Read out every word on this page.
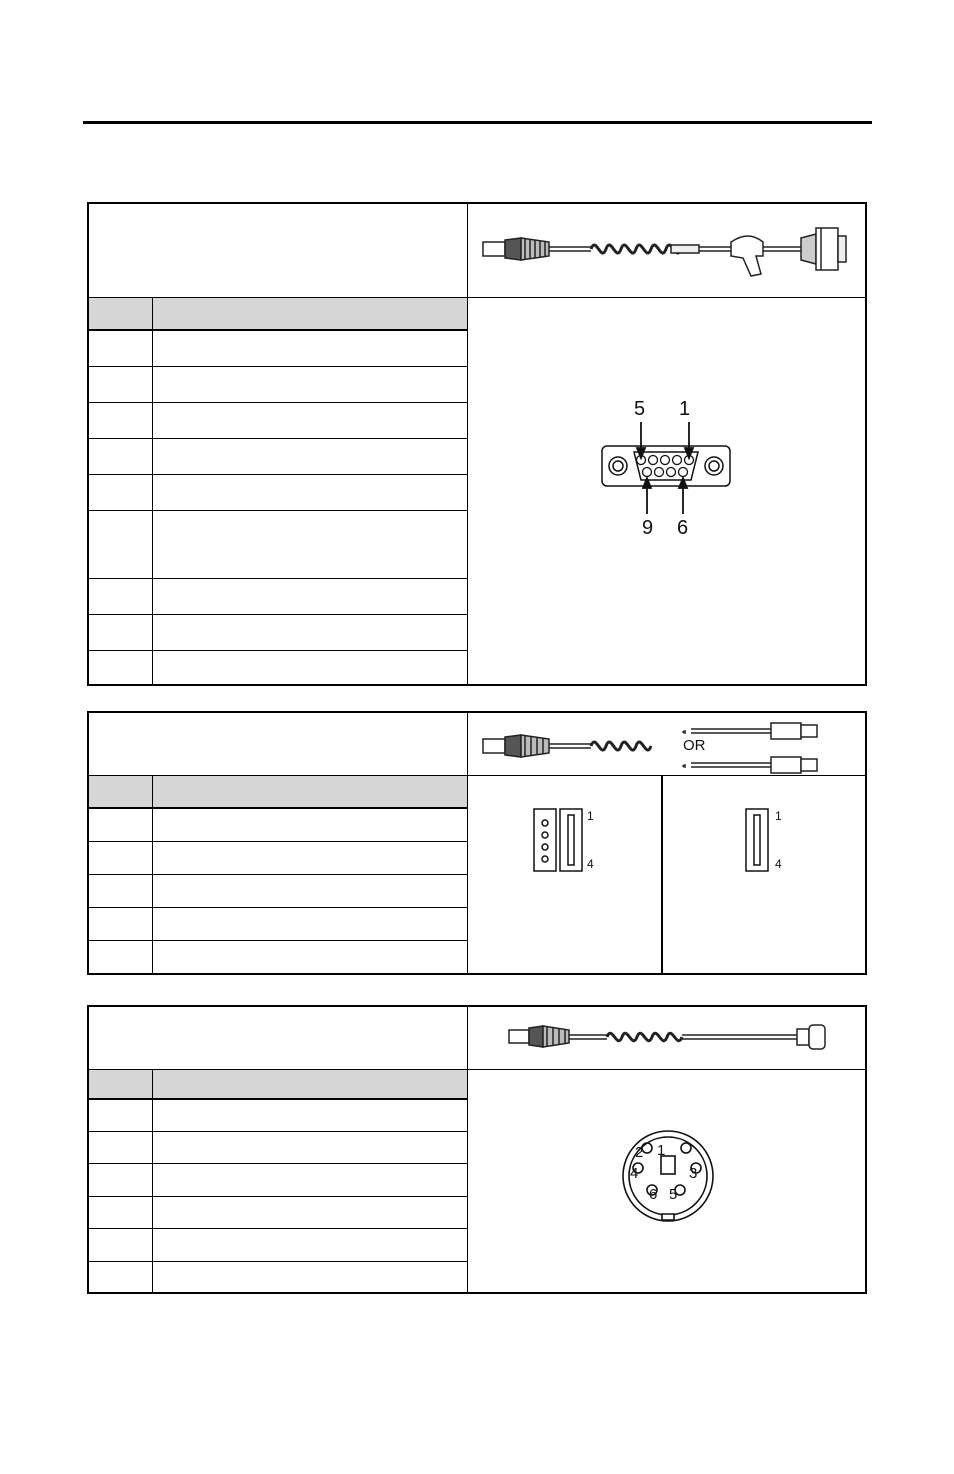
5 1
9 6
OR
1
4
1
4
1
2
3
4
5
6
